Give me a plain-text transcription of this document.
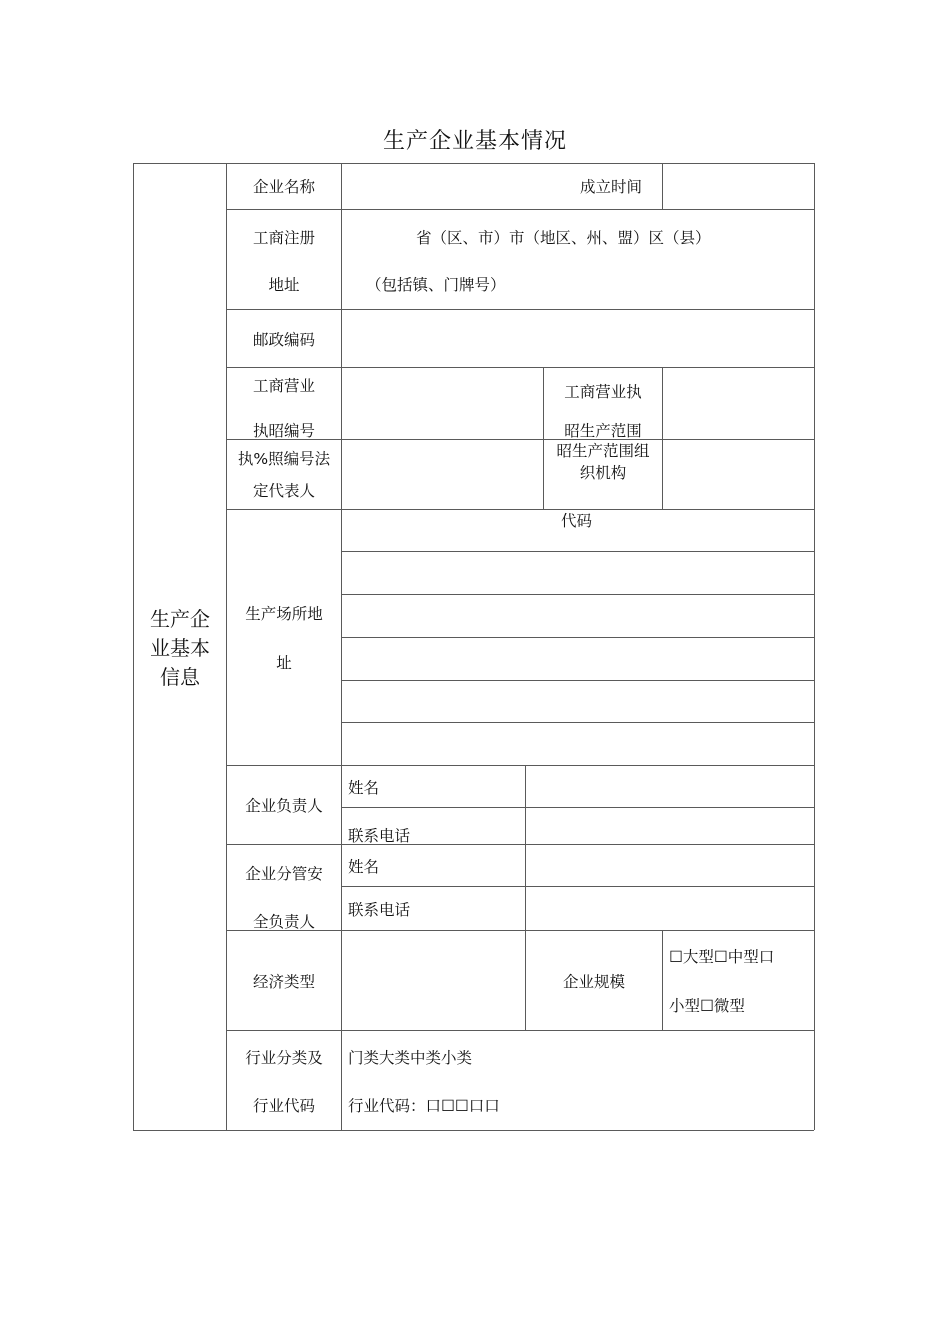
生产企业基本情况
生产企
业基本
信息
企业名称	成立时间
工商注册
地址
省（区、市）市（地区、州、盟）区（县）
（包括镇、门牌号）
邮政编码
工商营业
执昭编号
工商营业执
昭生产范围
执%照编号法
定代表人
昭生产范围组
织机构
代码
生产场所地
址
企业负责人
姓名
联系电话
企业分管安
全负责人
姓名
联系电话
经济类型	企业规模
☐大型☐中型口
小型☐微型
行业分类及
行业代码
门类大类中类小类
行业代码：口☐☐口口
